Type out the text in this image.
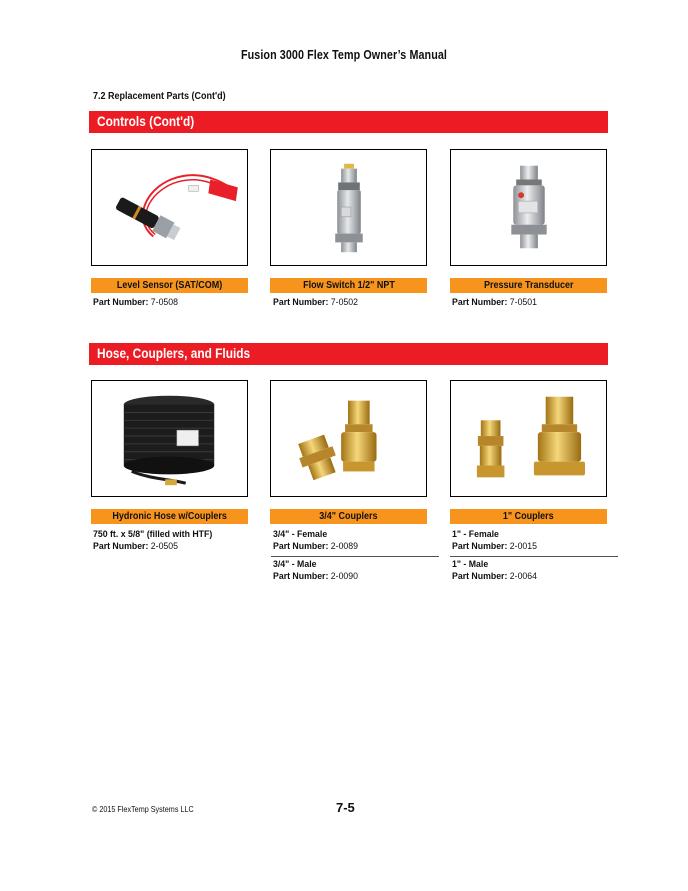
Fusion 3000 Flex Temp Owner’s Manual
7.2 Replacement Parts (Cont'd)
Controls (Cont'd)
Level Sensor (SAT/COM)	Flow Switch 1/2" NPT	Pressure Transducer
Part Number: 7-0508	Part Number: 7-0502	Part Number: 7-0501
Hose, Couplers, and Fluids
Hydronic Hose w/Couplers	3/4" Couplers	1" Couplers
750 ft. x 5/8" (filled with HTF)
Part Number: 2-0505
3/4" - Female
Part Number: 2-0089
3/4" - Male
Part Number: 2-0090
1" - Female
Part Number: 2-0015
1" - Male
Part Number: 2-0064
© 2015 FlexTemp Systems LLC	7-5
